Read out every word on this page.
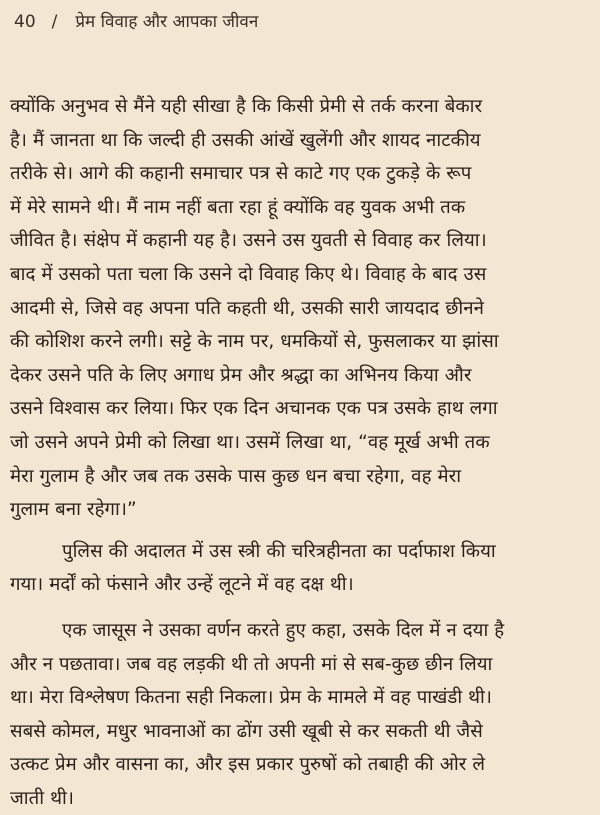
40 / प्रेम विवाह और आपका जीवन
क्योंकि अनुभव से मैंने यही सीखा है कि किसी प्रेमी से तर्क करना बेकार
है। मैं जानता था कि जल्दी ही उसकी आंखें खुलेंगी और शायद नाटकीय
तरीके से। आगे की कहानी समाचार पत्र से काटे गए एक टुकड़े के रूप
में मेरे सामने थी। मैं नाम नहीं बता रहा हूं क्योंकि वह युवक अभी तक
जीवित है। संक्षेप में कहानी यह है। उसने उस युवती से विवाह कर लिया।
बाद में उसको पता चला कि उसने दो विवाह किए थे। विवाह के बाद उस
आदमी से, जिसे वह अपना पति कहती थी, उसकी सारी जायदाद छीनने
की कोशिश करने लगी। सट्टे के नाम पर, धमकियों से, फुसलाकर या झांसा
देकर उसने पति के लिए अगाध प्रेम और श्रद्धा का अभिनय किया और
उसने विश्वास कर लिया। फिर एक दिन अचानक एक पत्र उसके हाथ लगा
जो उसने अपने प्रेमी को लिखा था। उसमें लिखा था, “वह मूर्ख अभी तक
मेरा गुलाम है और जब तक उसके पास कुछ धन बचा रहेगा, वह मेरा
गुलाम बना रहेगा।”
पुलिस की अदालत में उस स्त्री की चरित्रहीनता का पर्दाफाश किया
गया। मर्दों को फंसाने और उन्हें लूटने में वह दक्ष थी।
एक जासूस ने उसका वर्णन करते हुए कहा, उसके दिल में न दया है
और न पछतावा। जब वह लड़की थी तो अपनी मां से सब-कुछ छीन लिया
था। मेरा विश्लेषण कितना सही निकला। प्रेम के मामले में वह पाखंडी थी।
सबसे कोमल, मधुर भावनाओं का ढोंग उसी खूबी से कर सकती थी जैसे
उत्कट प्रेम और वासना का, और इस प्रकार पुरुषों को तबाही की ओर ले
जाती थी।
